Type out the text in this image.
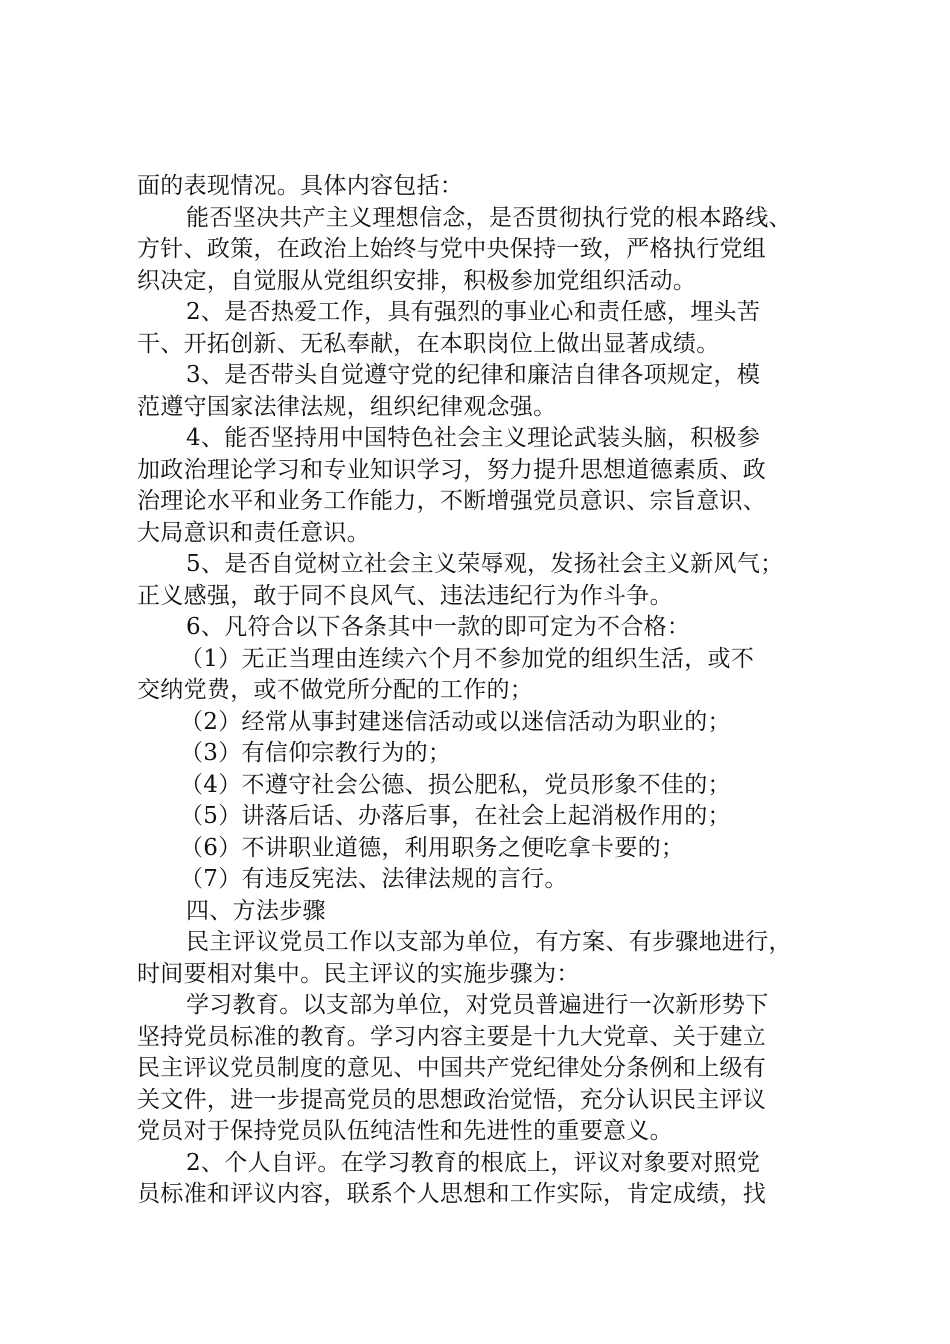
面的表现情况。具体内容包括：
能否坚决共产主义理想信念，是否贯彻执行党的根本路线、
方针、政策，在政治上始终与党中央保持一致，严格执行党组
织决定，自觉服从党组织安排，积极参加党组织活动。
2、是否热爱工作，具有强烈的事业心和责任感，埋头苦
干、开拓创新、无私奉献，在本职岗位上做出显著成绩。
3、是否带头自觉遵守党的纪律和廉洁自律各项规定，模
范遵守国家法律法规，组织纪律观念强。
4、能否坚持用中国特色社会主义理论武装头脑，积极参
加政治理论学习和专业知识学习，努力提升思想道德素质、政
治理论水平和业务工作能力，不断增强党员意识、宗旨意识、
大局意识和责任意识。
5、是否自觉树立社会主义荣辱观，发扬社会主义新风气；
正义感强，敢于同不良风气、违法违纪行为作斗争。
6、凡符合以下各条其中一款的即可定为不合格：
（1）无正当理由连续六个月不参加党的组织生活，或不
交纳党费，或不做党所分配的工作的；
（2）经常从事封建迷信活动或以迷信活动为职业的；
（3）有信仰宗教行为的；
（4）不遵守社会公德、损公肥私，党员形象不佳的；
（5）讲落后话、办落后事，在社会上起消极作用的；
（6）不讲职业道德，利用职务之便吃拿卡要的；
（7）有违反宪法、法律法规的言行。
四、方法步骤
民主评议党员工作以支部为单位，有方案、有步骤地进行，
时间要相对集中。民主评议的实施步骤为：
学习教育。以支部为单位，对党员普遍进行一次新形势下
坚持党员标准的教育。学习内容主要是十九大党章、关于建立
民主评议党员制度的意见、中国共产党纪律处分条例和上级有
关文件，进一步提高党员的思想政治觉悟，充分认识民主评议
党员对于保持党员队伍纯洁性和先进性的重要意义。
2、个人自评。在学习教育的根底上，评议对象要对照党
员标准和评议内容，联系个人思想和工作实际，肯定成绩，找
